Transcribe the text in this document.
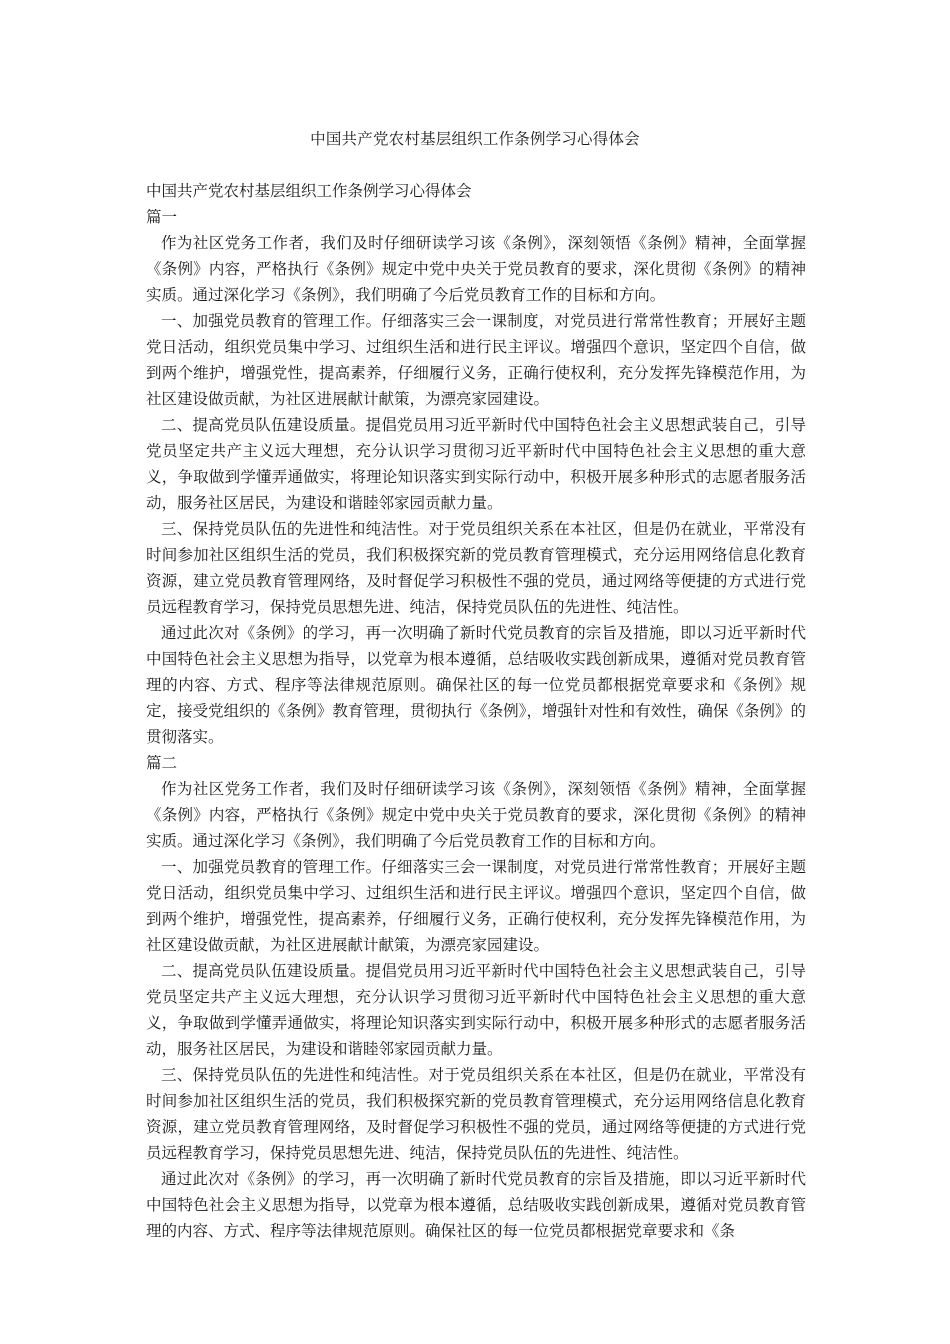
中国共产党农村基层组织工作条例学习心得体会

中国共产党农村基层组织工作条例学习心得体会

篇一

作为社区党务工作者，我们及时仔细研读学习该《条例》，深刻领悟《条例》精神，全面掌握《条例》内容，严格执行《条例》规定中党中央关于党员教育的要求，深化贯彻《条例》的精神实质。通过深化学习《条例》，我们明确了今后党员教育工作的目标和方向。

一、加强党员教育的管理工作。仔细落实三会一课制度，对党员进行常常性教育；开展好主题党日活动，组织党员集中学习、过组织生活和进行民主评议。增强四个意识，坚定四个自信，做到两个维护，增强党性，提高素养，仔细履行义务，正确行使权利，充分发挥先锋模范作用，为社区建设做贡献，为社区进展献计献策，为漂亮家园建设。

二、提高党员队伍建设质量。提倡党员用习近平新时代中国特色社会主义思想武装自己，引导党员坚定共产主义远大理想，充分认识学习贯彻习近平新时代中国特色社会主义思想的重大意义，争取做到学懂弄通做实，将理论知识落实到实际行动中，积极开展多种形式的志愿者服务活动，服务社区居民，为建设和谐睦邻家园贡献力量。

三、保持党员队伍的先进性和纯洁性。对于党员组织关系在本社区，但是仍在就业，平常没有时间参加社区组织生活的党员，我们积极探究新的党员教育管理模式，充分运用网络信息化教育资源，建立党员教育管理网络，及时督促学习积极性不强的党员，通过网络等便捷的方式进行党员远程教育学习，保持党员思想先进、纯洁，保持党员队伍的先进性、纯洁性。

通过此次对《条例》的学习，再一次明确了新时代党员教育的宗旨及措施，即以习近平新时代中国特色社会主义思想为指导，以党章为根本遵循，总结吸收实践创新成果，遵循对党员教育管理的内容、方式、程序等法律规范原则。确保社区的每一位党员都根据党章要求和《条例》规定，接受党组织的《条例》教育管理，贯彻执行《条例》，增强针对性和有效性，确保《条例》的贯彻落实。

篇二

作为社区党务工作者，我们及时仔细研读学习该《条例》，深刻领悟《条例》精神，全面掌握《条例》内容，严格执行《条例》规定中党中央关于党员教育的要求，深化贯彻《条例》的精神实质。通过深化学习《条例》，我们明确了今后党员教育工作的目标和方向。

一、加强党员教育的管理工作。仔细落实三会一课制度，对党员进行常常性教育；开展好主题党日活动，组织党员集中学习、过组织生活和进行民主评议。增强四个意识，坚定四个自信，做到两个维护，增强党性，提高素养，仔细履行义务，正确行使权利，充分发挥先锋模范作用，为社区建设做贡献，为社区进展献计献策，为漂亮家园建设。

二、提高党员队伍建设质量。提倡党员用习近平新时代中国特色社会主义思想武装自己，引导党员坚定共产主义远大理想，充分认识学习贯彻习近平新时代中国特色社会主义思想的重大意义，争取做到学懂弄通做实，将理论知识落实到实际行动中，积极开展多种形式的志愿者服务活动，服务社区居民，为建设和谐睦邻家园贡献力量。

三、保持党员队伍的先进性和纯洁性。对于党员组织关系在本社区，但是仍在就业，平常没有时间参加社区组织生活的党员，我们积极探究新的党员教育管理模式，充分运用网络信息化教育资源，建立党员教育管理网络，及时督促学习积极性不强的党员，通过网络等便捷的方式进行党员远程教育学习，保持党员思想先进、纯洁，保持党员队伍的先进性、纯洁性。

通过此次对《条例》的学习，再一次明确了新时代党员教育的宗旨及措施，即以习近平新时代中国特色社会主义思想为指导，以党章为根本遵循，总结吸收实践创新成果，遵循对党员教育管理的内容、方式、程序等法律规范原则。确保社区的每一位党员都根据党章要求和《条
